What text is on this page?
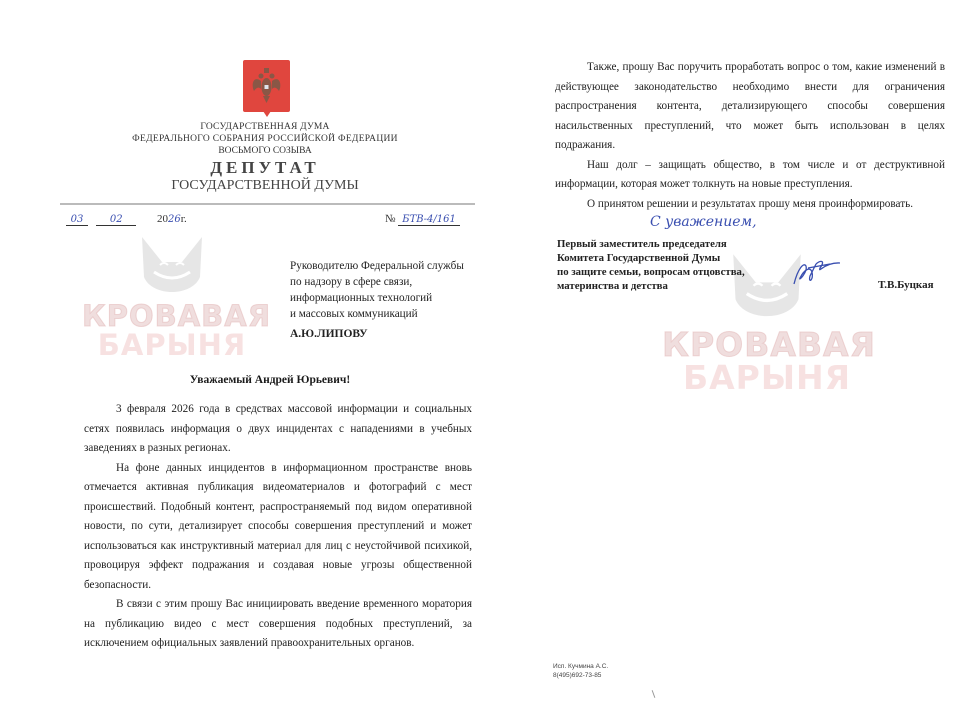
ГОСУДАРСТВЕННАЯ ДУМА
ФЕДЕРАЛЬНОГО СОБРАНИЯ РОССИЙСКОЙ ФЕДЕРАЦИИ
ВОСЬМОГО СОЗЫВА
ДЕПУТАТ
ГОСУДАРСТВЕННОЙ ДУМЫ
03	02	2026г.	№ БТВ-4/161
КРОВАВАЯ
БАРЫНЯ
Руководителю Федеральной службы
по надзору в сфере связи,
информационных технологий
и массовых коммуникаций
А.Ю.ЛИПОВУ
Уважаемый Андрей Юрьевич!

3 февраля 2026 года в средствах массовой информации и социальных сетях появилась информация о двух инцидентах с нападениями в учебных заведениях в разных регионах.

На фоне данных инцидентов в информационном пространстве вновь отмечается активная публикация видеоматериалов и фотографий с мест происшествий. Подобный контент, распространяемый под видом оперативной новости, по сути, детализирует способы совершения преступлений и может использоваться как инструктивный материал для лиц с неустойчивой психикой, провоцируя эффект подражания и создавая новые угрозы общественной безопасности.

В связи с этим прошу Вас инициировать введение временного моратория на публикацию видео с мест совершения подобных преступлений, за исключением официальных заявлений правоохранительных органов.

Также, прошу Вас поручить проработать вопрос о том, какие изменений в действующее законодательство необходимо внести для ограничения распространения контента, детализирующего способы совершения насильственных преступлений, что может быть использован в целях подражания.

Наш долг – защищать общество, в том числе и от деструктивной информации, которая может толкнуть на новые преступления.

О принятом решении и результатах прошу меня проинформировать.

КРОВАВАЯ
БАРЫНЯ
С уважением,
Первый заместитель председателя
Комитета Государственной Думы
по защите семьи, вопросам отцовства,
материнства и детства	Т.В.Буцкая
Исп. Кучмина А.С.
8(495)692-73-85
